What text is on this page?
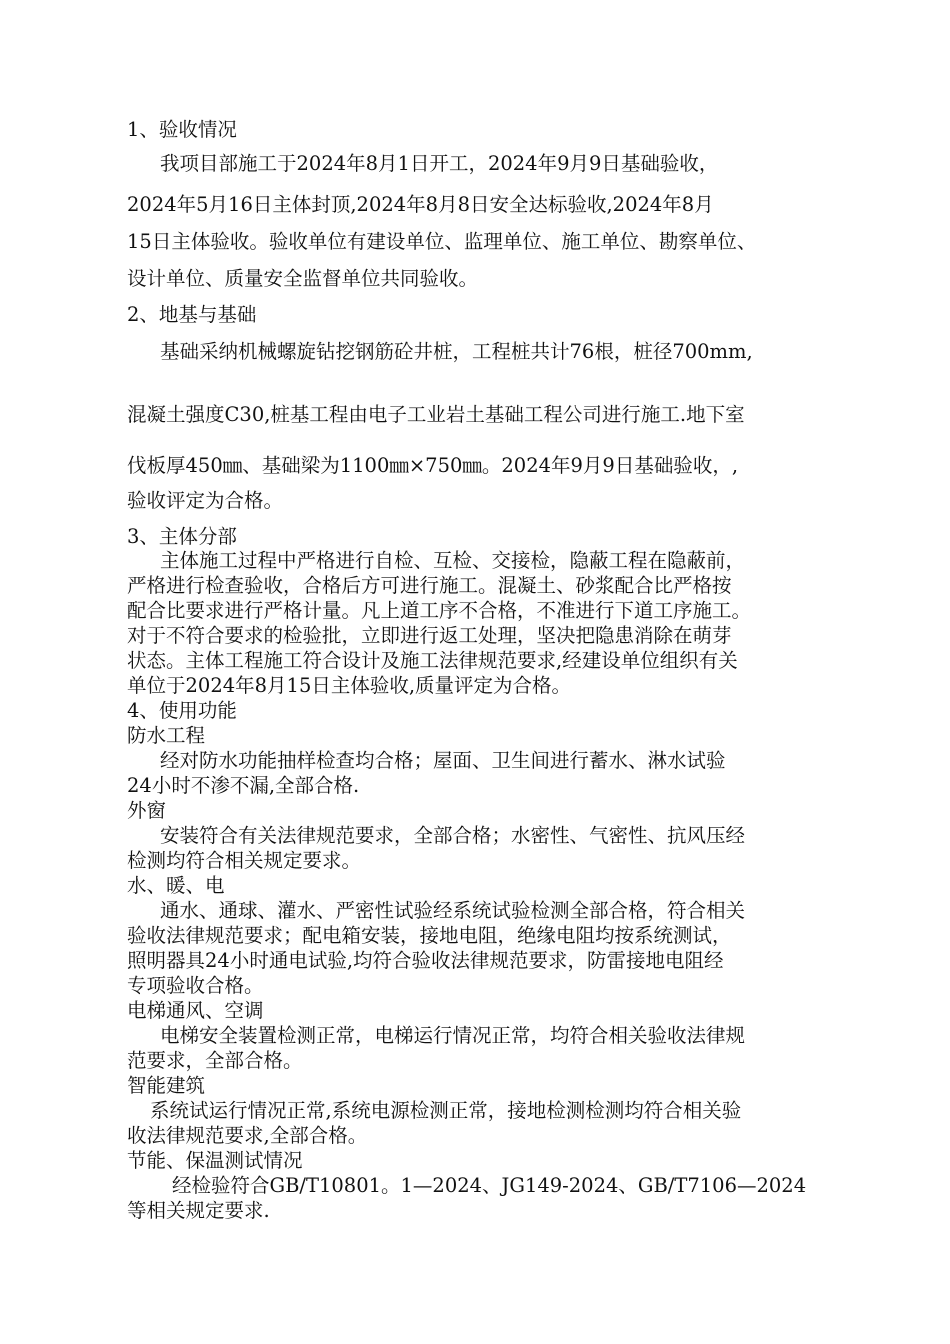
1、验收情况
我项目部施工于2024年8月1日开工，2024年9月9日基础验收，
2024年5月16日主体封顶,2024年8月8日安全达标验收,2024年8月
15日主体验收。验收单位有建设单位、监理单位、施工单位、勘察单位、
设计单位、质量安全监督单位共同验收。
2、地基与基础
基础采纳机械螺旋钻挖钢筋砼井桩，工程桩共计76根，桩径700mm,
混凝土强度C30,桩基工程由电子工业岩土基础工程公司进行施工.地下室
伐板厚450㎜、基础梁为1100㎜×750㎜。2024年9月9日基础验收，,
验收评定为合格。
3、主体分部
主体施工过程中严格进行自检、互检、交接检，隐蔽工程在隐蔽前，
严格进行检查验收，合格后方可进行施工。混凝土、砂浆配合比严格按
配合比要求进行严格计量。凡上道工序不合格，不准进行下道工序施工。
对于不符合要求的检验批，立即进行返工处理，坚决把隐患消除在萌芽
状态。主体工程施工符合设计及施工法律规范要求,经建设单位组织有关
单位于2024年8月15日主体验收,质量评定为合格。
4、使用功能
防水工程
经对防水功能抽样检查均合格；屋面、卫生间进行蓄水、淋水试验
24小时不渗不漏,全部合格.
外窗
安装符合有关法律规范要求，全部合格；水密性、气密性、抗风压经
检测均符合相关规定要求。
水、暖、电
通水、通球、灌水、严密性试验经系统试验检测全部合格，符合相关
验收法律规范要求；配电箱安装，接地电阻，绝缘电阻均按系统测试，
照明器具24小时通电试验,均符合验收法律规范要求，防雷接地电阻经
专项验收合格。
电梯通风、空调
电梯安全装置检测正常，电梯运行情况正常，均符合相关验收法律规
范要求，全部合格。
智能建筑
系统试运行情况正常,系统电源检测正常，接地检测检测均符合相关验
收法律规范要求,全部合格。
节能、保温测试情况
经检验符合GB/T10801。1—2024、JG149-2024、GB/T7106—2024
等相关规定要求.
